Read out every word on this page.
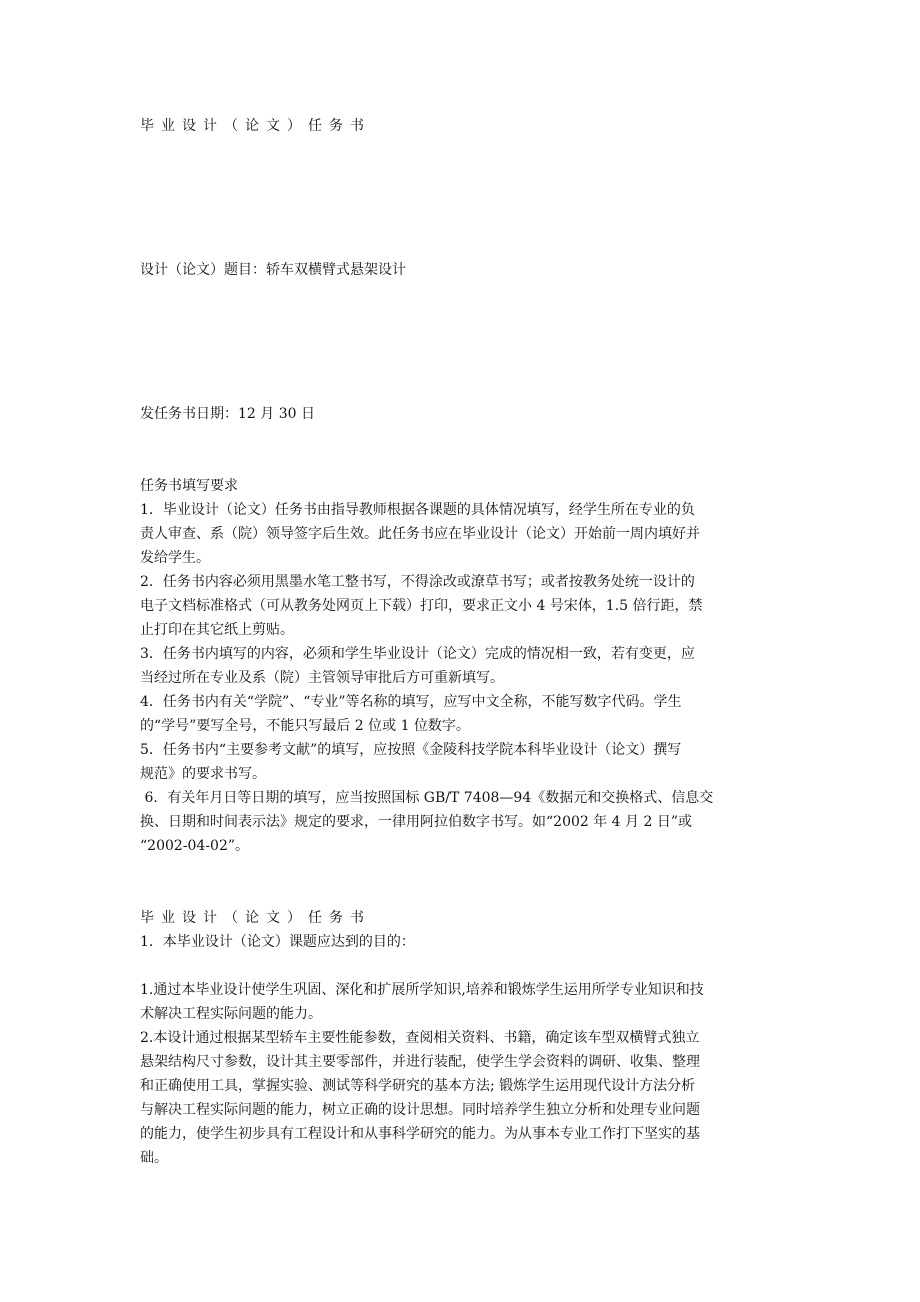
毕业设计（论文）任务书
设计（论文）题目：轿车双横臂式悬架设计
发任务书日期：12 月 30 日
任务书填写要求
1．毕业设计（论文）任务书由指导教师根据各课题的具体情况填写，经学生所在专业的负
责人审查、系（院）领导签字后生效。此任务书应在毕业设计（论文）开始前一周内填好并
发给学生。
2．任务书内容必须用黑墨水笔工整书写，不得涂改或潦草书写；或者按教务处统一设计的
电子文档标准格式（可从教务处网页上下载）打印，要求正文小 4 号宋体，1.5 倍行距，禁
止打印在其它纸上剪贴。
3．任务书内填写的内容，必须和学生毕业设计（论文）完成的情况相一致，若有变更，应
当经过所在专业及系（院）主管领导审批后方可重新填写。
4．任务书内有关“学院”、“专业”等名称的填写，应写中文全称，不能写数字代码。学生
的“学号”要写全号，不能只写最后 2 位或 1 位数字。
5．任务书内“主要参考文献”的填写，应按照《金陵科技学院本科毕业设计（论文）撰写
规范》的要求书写。
6．有关年月日等日期的填写，应当按照国标 GB/T 7408—94《数据元和交换格式、信息交
换、日期和时间表示法》规定的要求，一律用阿拉伯数字书写。如“2002 年 4 月 2 日”或
“2002-04-02”。
毕业设计（论文）任务书
1．本毕业设计（论文）课题应达到的目的：
1.通过本毕业设计使学生巩固、深化和扩展所学知识,培养和锻炼学生运用所学专业知识和技
术解决工程实际问题的能力。
2.本设计通过根据某型轿车主要性能参数，查阅相关资料、书籍，确定该车型双横臂式独立
悬架结构尺寸参数，设计其主要零部件，并进行装配，使学生学会资料的调研、收集、整理
和正确使用工具，掌握实验、测试等科学研究的基本方法; 锻炼学生运用现代设计方法分析
与解决工程实际问题的能力，树立正确的设计思想。同时培养学生独立分析和处理专业问题
的能力，使学生初步具有工程设计和从事科学研究的能力。为从事本专业工作打下坚实的基
础。
